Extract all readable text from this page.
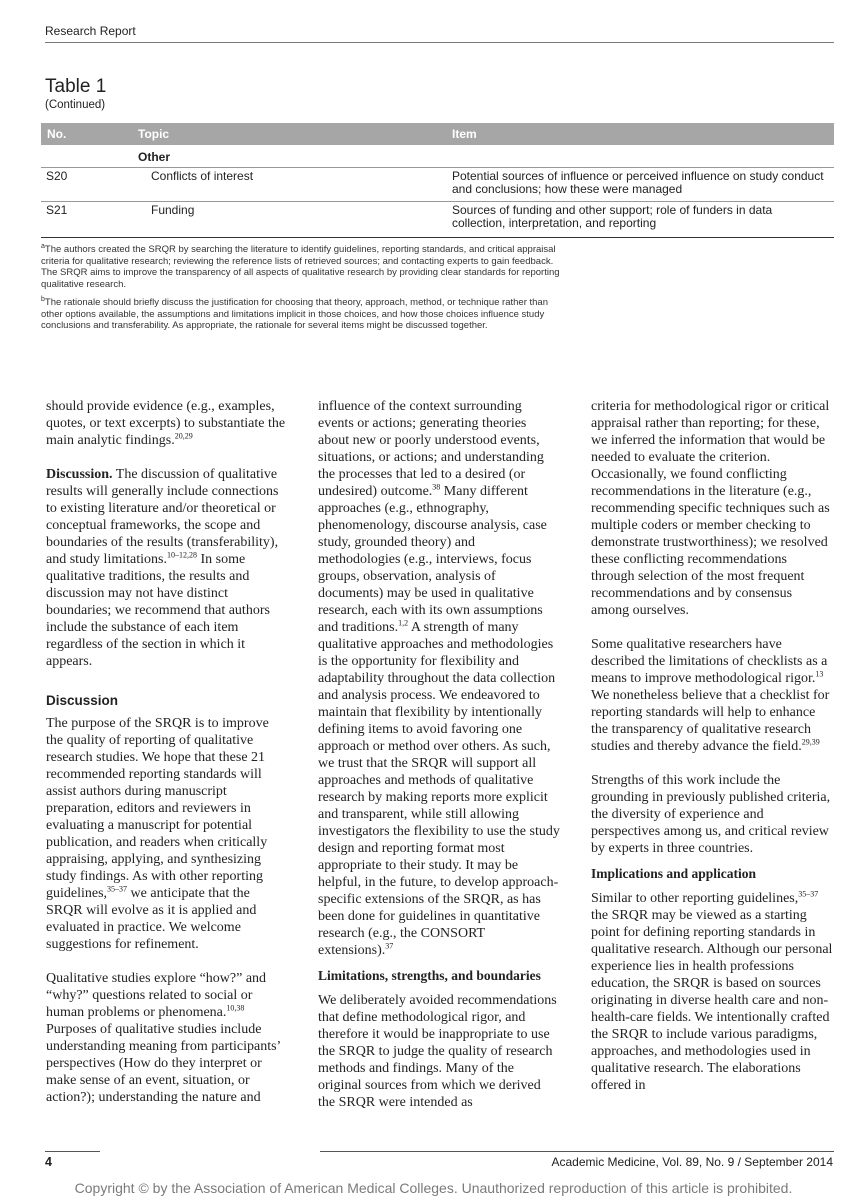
Research Report
Table 1
(Continued)
No.	Topic	Item
Other
S20	Conflicts of interest	Potential sources of influence or perceived influence on study conduct and conclusions; how these were managed
S21	Funding	Sources of funding and other support; role of funders in data collection, interpretation, and reporting
$^a$The authors created the SRQR by searching the literature to identify guidelines, reporting standards, and critical appraisal criteria for qualitative research; reviewing the reference lists of retrieved sources; and contacting experts to gain feedback. The SRQR aims to improve the transparency of all aspects of qualitative research by providing clear standards for reporting qualitative research.
$^b$The rationale should briefly discuss the justification for choosing that theory, approach, method, or technique rather than other options available, the assumptions and limitations implicit in those choices, and how those choices influence study conclusions and transferability. As appropriate, the rationale for several items might be discussed together.

should provide evidence (e.g., examples, quotes, or text excerpts) to substantiate the main analytic findings.$^{20,29}$

Discussion. The discussion of qualitative results will generally include connections to existing literature and/or theoretical or conceptual frameworks, the scope and boundaries of the results (transferability), and study limitations.$^{10-12,28}$ In some qualitative traditions, the results and discussion may not have distinct boundaries; we recommend that authors include the substance of each item regardless of the section in which it appears.

Discussion

The purpose of the SRQR is to improve the quality of reporting of qualitative research studies. We hope that these 21 recommended reporting standards will assist authors during manuscript preparation, editors and reviewers in evaluating a manuscript for potential publication, and readers when critically appraising, applying, and synthesizing study findings. As with other reporting guidelines,$^{35-37}$ we anticipate that the SRQR will evolve as it is applied and evaluated in practice. We welcome suggestions for refinement.

Qualitative studies explore “how?” and “why?” questions related to social or human problems or phenomena.$^{10,38}$ Purposes of qualitative studies include understanding meaning from participants’ perspectives (How do they interpret or make sense of an event, situation, or action?); understanding the nature and

influence of the context surrounding events or actions; generating theories about new or poorly understood events, situations, or actions; and understanding the processes that led to a desired (or undesired) outcome.$^{38}$ Many different approaches (e.g., ethnography, phenomenology, discourse analysis, case study, grounded theory) and methodologies (e.g., interviews, focus groups, observation, analysis of documents) may be used in qualitative research, each with its own assumptions and traditions.$^{1,2}$ A strength of many qualitative approaches and methodologies is the opportunity for flexibility and adaptability throughout the data collection and analysis process. We endeavored to maintain that flexibility by intentionally defining items to avoid favoring one approach or method over others. As such, we trust that the SRQR will support all approaches and methods of qualitative research by making reports more explicit and transparent, while still allowing investigators the flexibility to use the study design and reporting format most appropriate to their study. It may be helpful, in the future, to develop approach-specific extensions of the SRQR, as has been done for guidelines in quantitative research (e.g., the CONSORT extensions).$^{37}$

Limitations, strengths, and boundaries

We deliberately avoided recommendations that define methodological rigor, and therefore it would be inappropriate to use the SRQR to judge the quality of research methods and findings. Many of the original sources from which we derived the SRQR were intended as

criteria for methodological rigor or critical appraisal rather than reporting; for these, we inferred the information that would be needed to evaluate the criterion. Occasionally, we found conflicting recommendations in the literature (e.g., recommending specific techniques such as multiple coders or member checking to demonstrate trustworthiness); we resolved these conflicting recommendations through selection of the most frequent recommendations and by consensus among ourselves.

Some qualitative researchers have described the limitations of checklists as a means to improve methodological rigor.$^{13}$ We nonetheless believe that a checklist for reporting standards will help to enhance the transparency of qualitative research studies and thereby advance the field.$^{29,39}$

Strengths of this work include the grounding in previously published criteria, the diversity of experience and perspectives among us, and critical review by experts in three countries.

Implications and application

Similar to other reporting guidelines,$^{35-37}$ the SRQR may be viewed as a starting point for defining reporting standards in qualitative research. Although our personal experience lies in health professions education, the SRQR is based on sources originating in diverse health care and non-health-care fields. We intentionally crafted the SRQR to include various paradigms, approaches, and methodologies used in qualitative research. The elaborations offered in

4	Academic Medicine, Vol. 89, No. 9 / September 2014
Copyright © by the Association of American Medical Colleges. Unauthorized reproduction of this article is prohibited.
